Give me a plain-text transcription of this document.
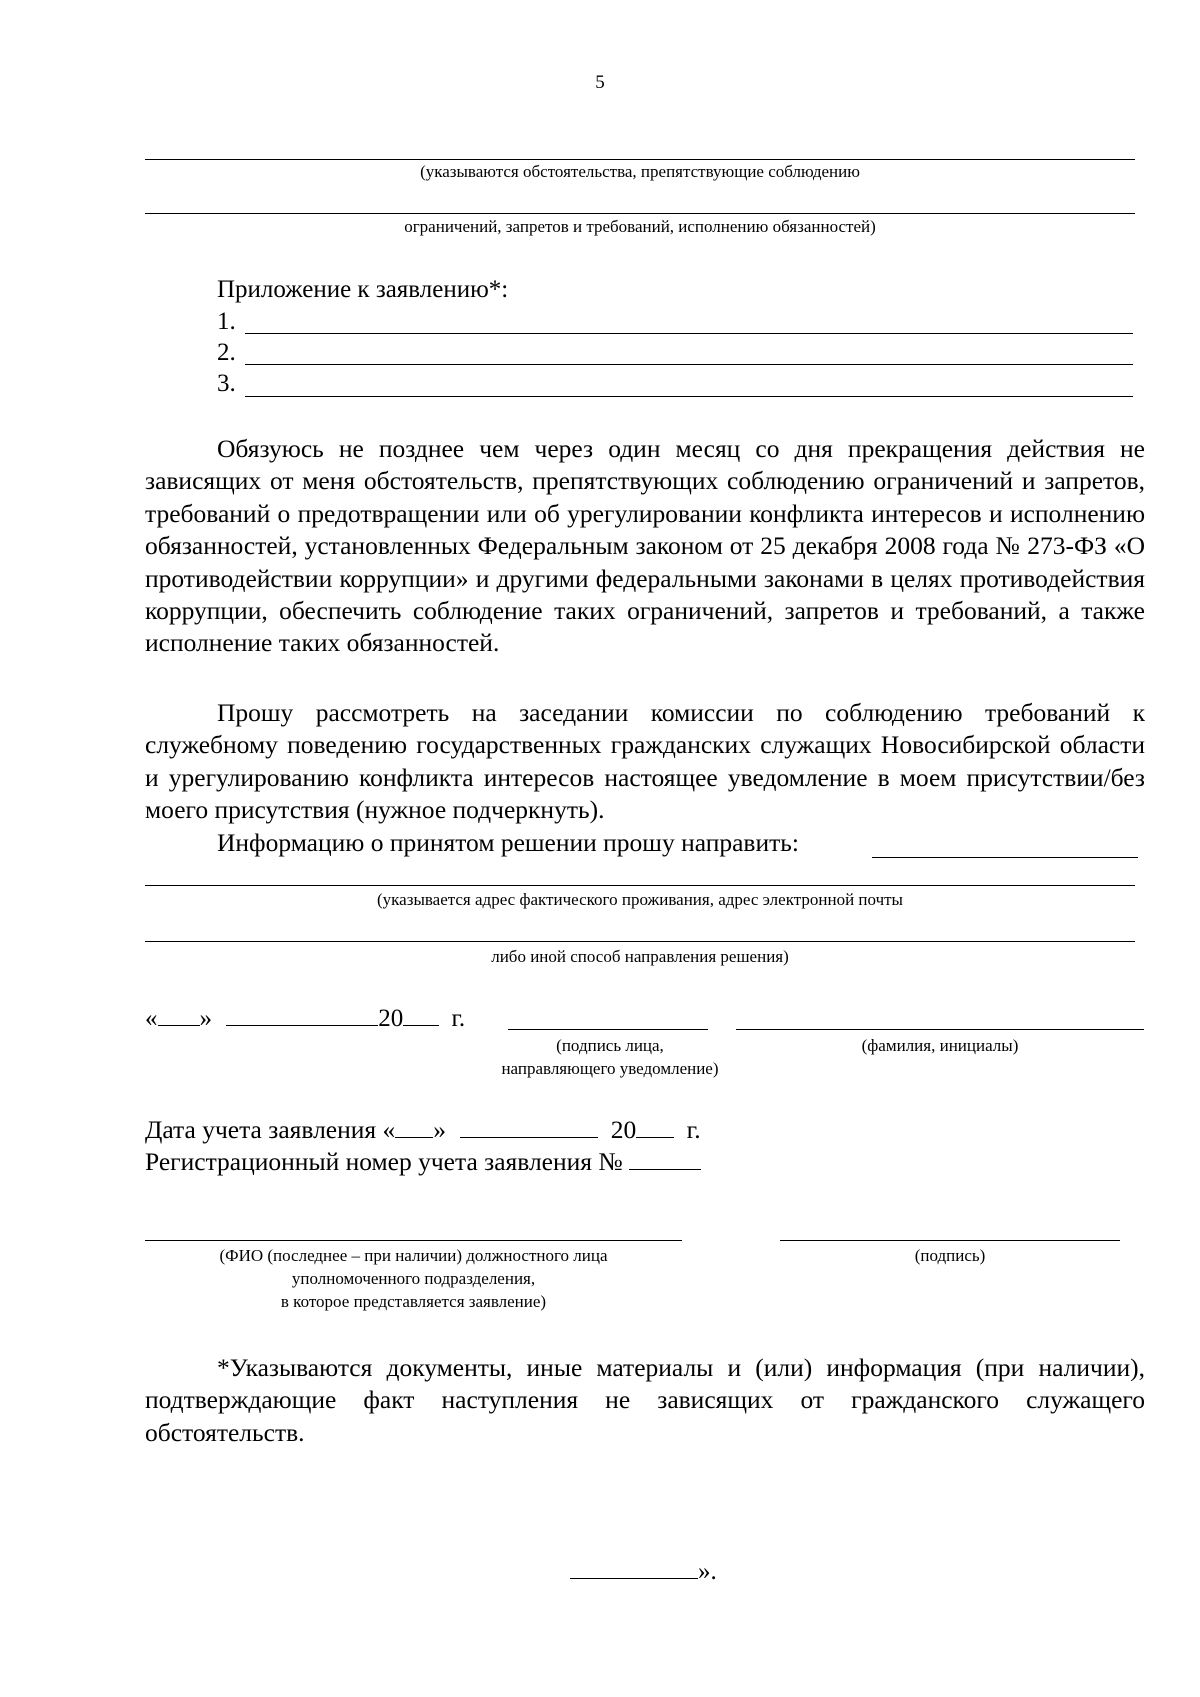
5
(указываются обстоятельства, препятствующие соблюдению
ограничений, запретов и требований, исполнению обязанностей)
Приложение к заявлению*:
1.
2.
3.
Обязуюсь не позднее чем через один месяц со дня прекращения действия не зависящих от меня обстоятельств, препятствующих соблюдению ограничений и запретов, требований о предотвращении или об урегулировании конфликта интересов и исполнению обязанностей, установленных Федеральным законом от 25 декабря 2008 года № 273-ФЗ «О противодействии коррупции» и другими федеральными законами в целях противодействия коррупции, обеспечить соблюдение таких ограничений, запретов и требований, а также исполнение таких обязанностей.
Прошу рассмотреть на заседании комиссии по соблюдению требований к служебному поведению государственных гражданских служащих Новосибирской области и урегулированию конфликта интересов настоящее уведомление в моем присутствии/без моего присутствия (нужное подчеркнуть).
Информацию о принятом решении прошу направить:
(указывается адрес фактического проживания, адрес электронной почты
либо иной способ направления решения)
« »	20 г.
(подпись лица,
направляющего уведомление)
(фамилия, инициалы)
Дата учета заявления « »	20 г.
Регистрационный номер учета заявления №
(ФИО (последнее – при наличии) должностного лица
уполномоченного подразделения,
в которое представляется заявление)
(подпись)
*Указываются документы, иные материалы и (или) информация (при наличии), подтверждающие факт наступления не зависящих от гражданского служащего обстоятельств.
».
